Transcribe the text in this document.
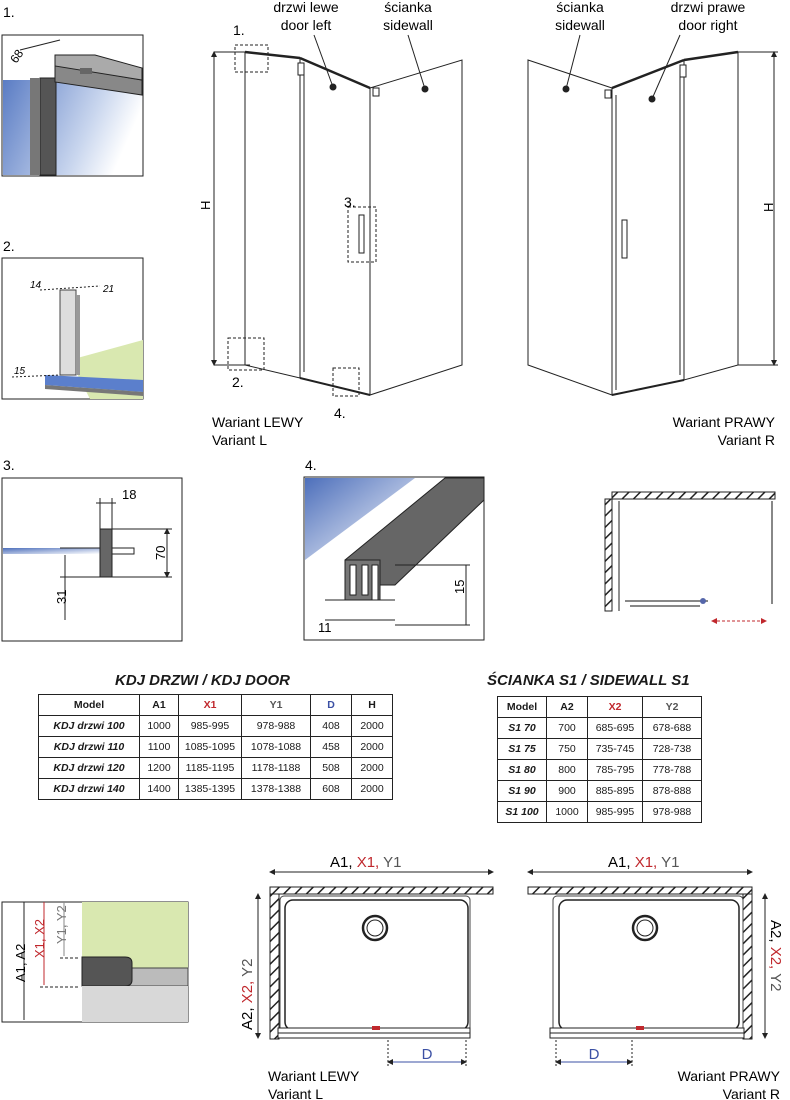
1.
68
2.
14	21
15
3.
18
70
31
4.
11
15
1.
2.
3.
4.
H
drzwi lewe
door left
ścianka
sidewall
Wariant LEWY
Variant L
H
ścianka
sidewall
drzwi prawe
door right
Wariant PRAWY
Variant R
A1, A2
X1, X2 Y1, Y2
A1, X1, Y1
A2, X2, Y2
D
Wariant LEWY
Variant L
A1, X1, Y1
A2, X2, Y2
D
Wariant PRAWY
Variant R
KDJ DRZWI / KDJ DOOR
Model	A1	X1	Y1	D	H
KDJ drzwi 100	1000	985-995	978-988	408	2000
KDJ drzwi 110	1100	1085-1095	1078-1088	458	2000
KDJ drzwi 120	1200	1185-1195	1178-1188	508	2000
KDJ drzwi 140	1400	1385-1395	1378-1388	608	2000
ŚCIANKA S1 / SIDEWALL S1
Model	A2	X2	Y2
S1 70	700	685-695	678-688
S1 75	750	735-745	728-738
S1 80	800	785-795	778-788
S1 90	900	885-895	878-888
S1 100	1000	985-995	978-988
